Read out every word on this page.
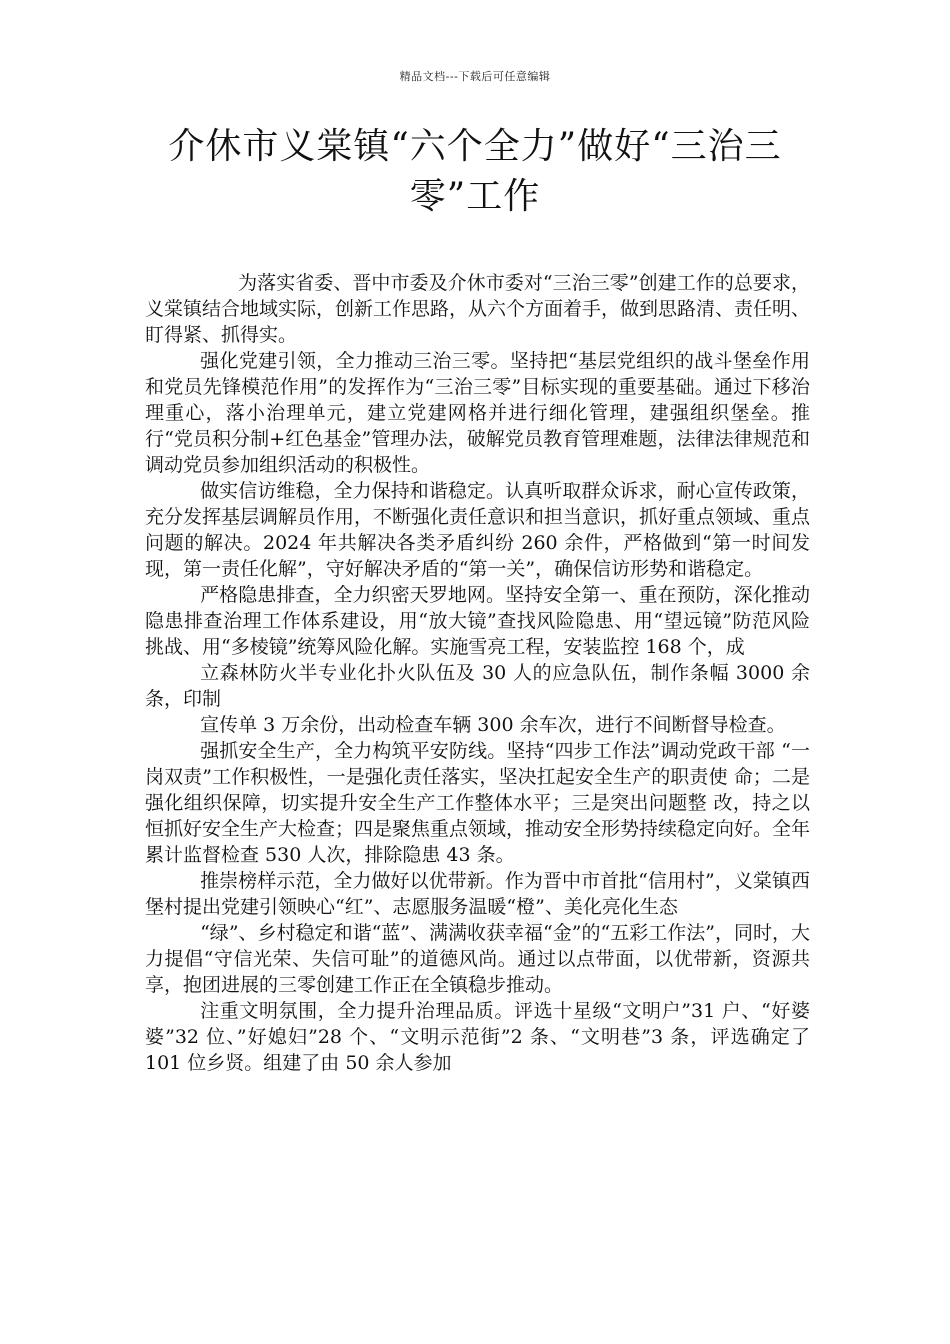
精品文档---下载后可任意编辑
介休市义棠镇“六个全力”做好“三治三零”工作

为落实省委、晋中市委及介休市委对“三治三零”创建工作的总要求，义棠镇结合地域实际，创新工作思路，从六个方面着手，做到思路清、责任明、盯得紧、抓得实。

强化党建引领，全力推动三治三零。坚持把“基层党组织的战斗堡垒作用和党员先锋模范作用”的发挥作为“三治三零”目标实现的重要基础。通过下移治理重心，落小治理单元，建立党建网格并进行细化管理，建强组织堡垒。推行“党员积分制+红色基金”管理办法，破解党员教育管理难题，法律法律规范和调动党员参加组织活动的积极性。

做实信访维稳，全力保持和谐稳定。认真听取群众诉求，耐心宣传政策， 充分发挥基层调解员作用，不断强化责任意识和担当意识，抓好重点领域、重点问题的解决。2024 年共解决各类矛盾纠纷 260 余件，严格做到“第一时间发现，第一责任化解”，守好解决矛盾的“第一关”，确保信访形势和谐稳定。

严格隐患排查，全力织密天罗地网。坚持安全第一、重在预防，深化推动隐患排查治理工作体系建设，用“放大镜”查找风险隐患、用“望远镜”防范风险挑战、用“多棱镜”统筹风险化解。实施雪亮工程，安装监控 168 个，成

立森林防火半专业化扑火队伍及 30 人的应急队伍，制作条幅 3000 余条，印制

宣传单 3 万余份，出动检查车辆 300 余车次，进行不间断督导检查。

强抓安全生产，全力构筑平安防线。坚持“四步工作法”调动党政干部 “一岗双责”工作积极性，一是强化责任落实，坚决扛起安全生产的职责使 命；二是强化组织保障，切实提升安全生产工作整体水平；三是突出问题整 改，持之以恒抓好安全生产大检查；四是聚焦重点领域，推动安全形势持续稳定向好。全年累计监督检查 530 人次，排除隐患 43 条。

推崇榜样示范，全力做好以优带新。作为晋中市首批“信用村”，义棠镇西堡村提出党建引领映心“红”、志愿服务温暖“橙”、美化亮化生态

“绿”、乡村稳定和谐“蓝”、满满收获幸福“金”的“五彩工作法”，同时，大力提倡“守信光荣、失信可耻”的道德风尚。通过以点带面，以优带新，资源共享，抱团进展的三零创建工作正在全镇稳步推动。

注重文明氛围，全力提升治理品质。评选十星级“文明户”31 户、“好婆婆”32 位、”好媳妇”28 个、“文明示范街”2 条、“文明巷”3 条，评选确定了 101 位乡贤。组建了由 50 余人参加
